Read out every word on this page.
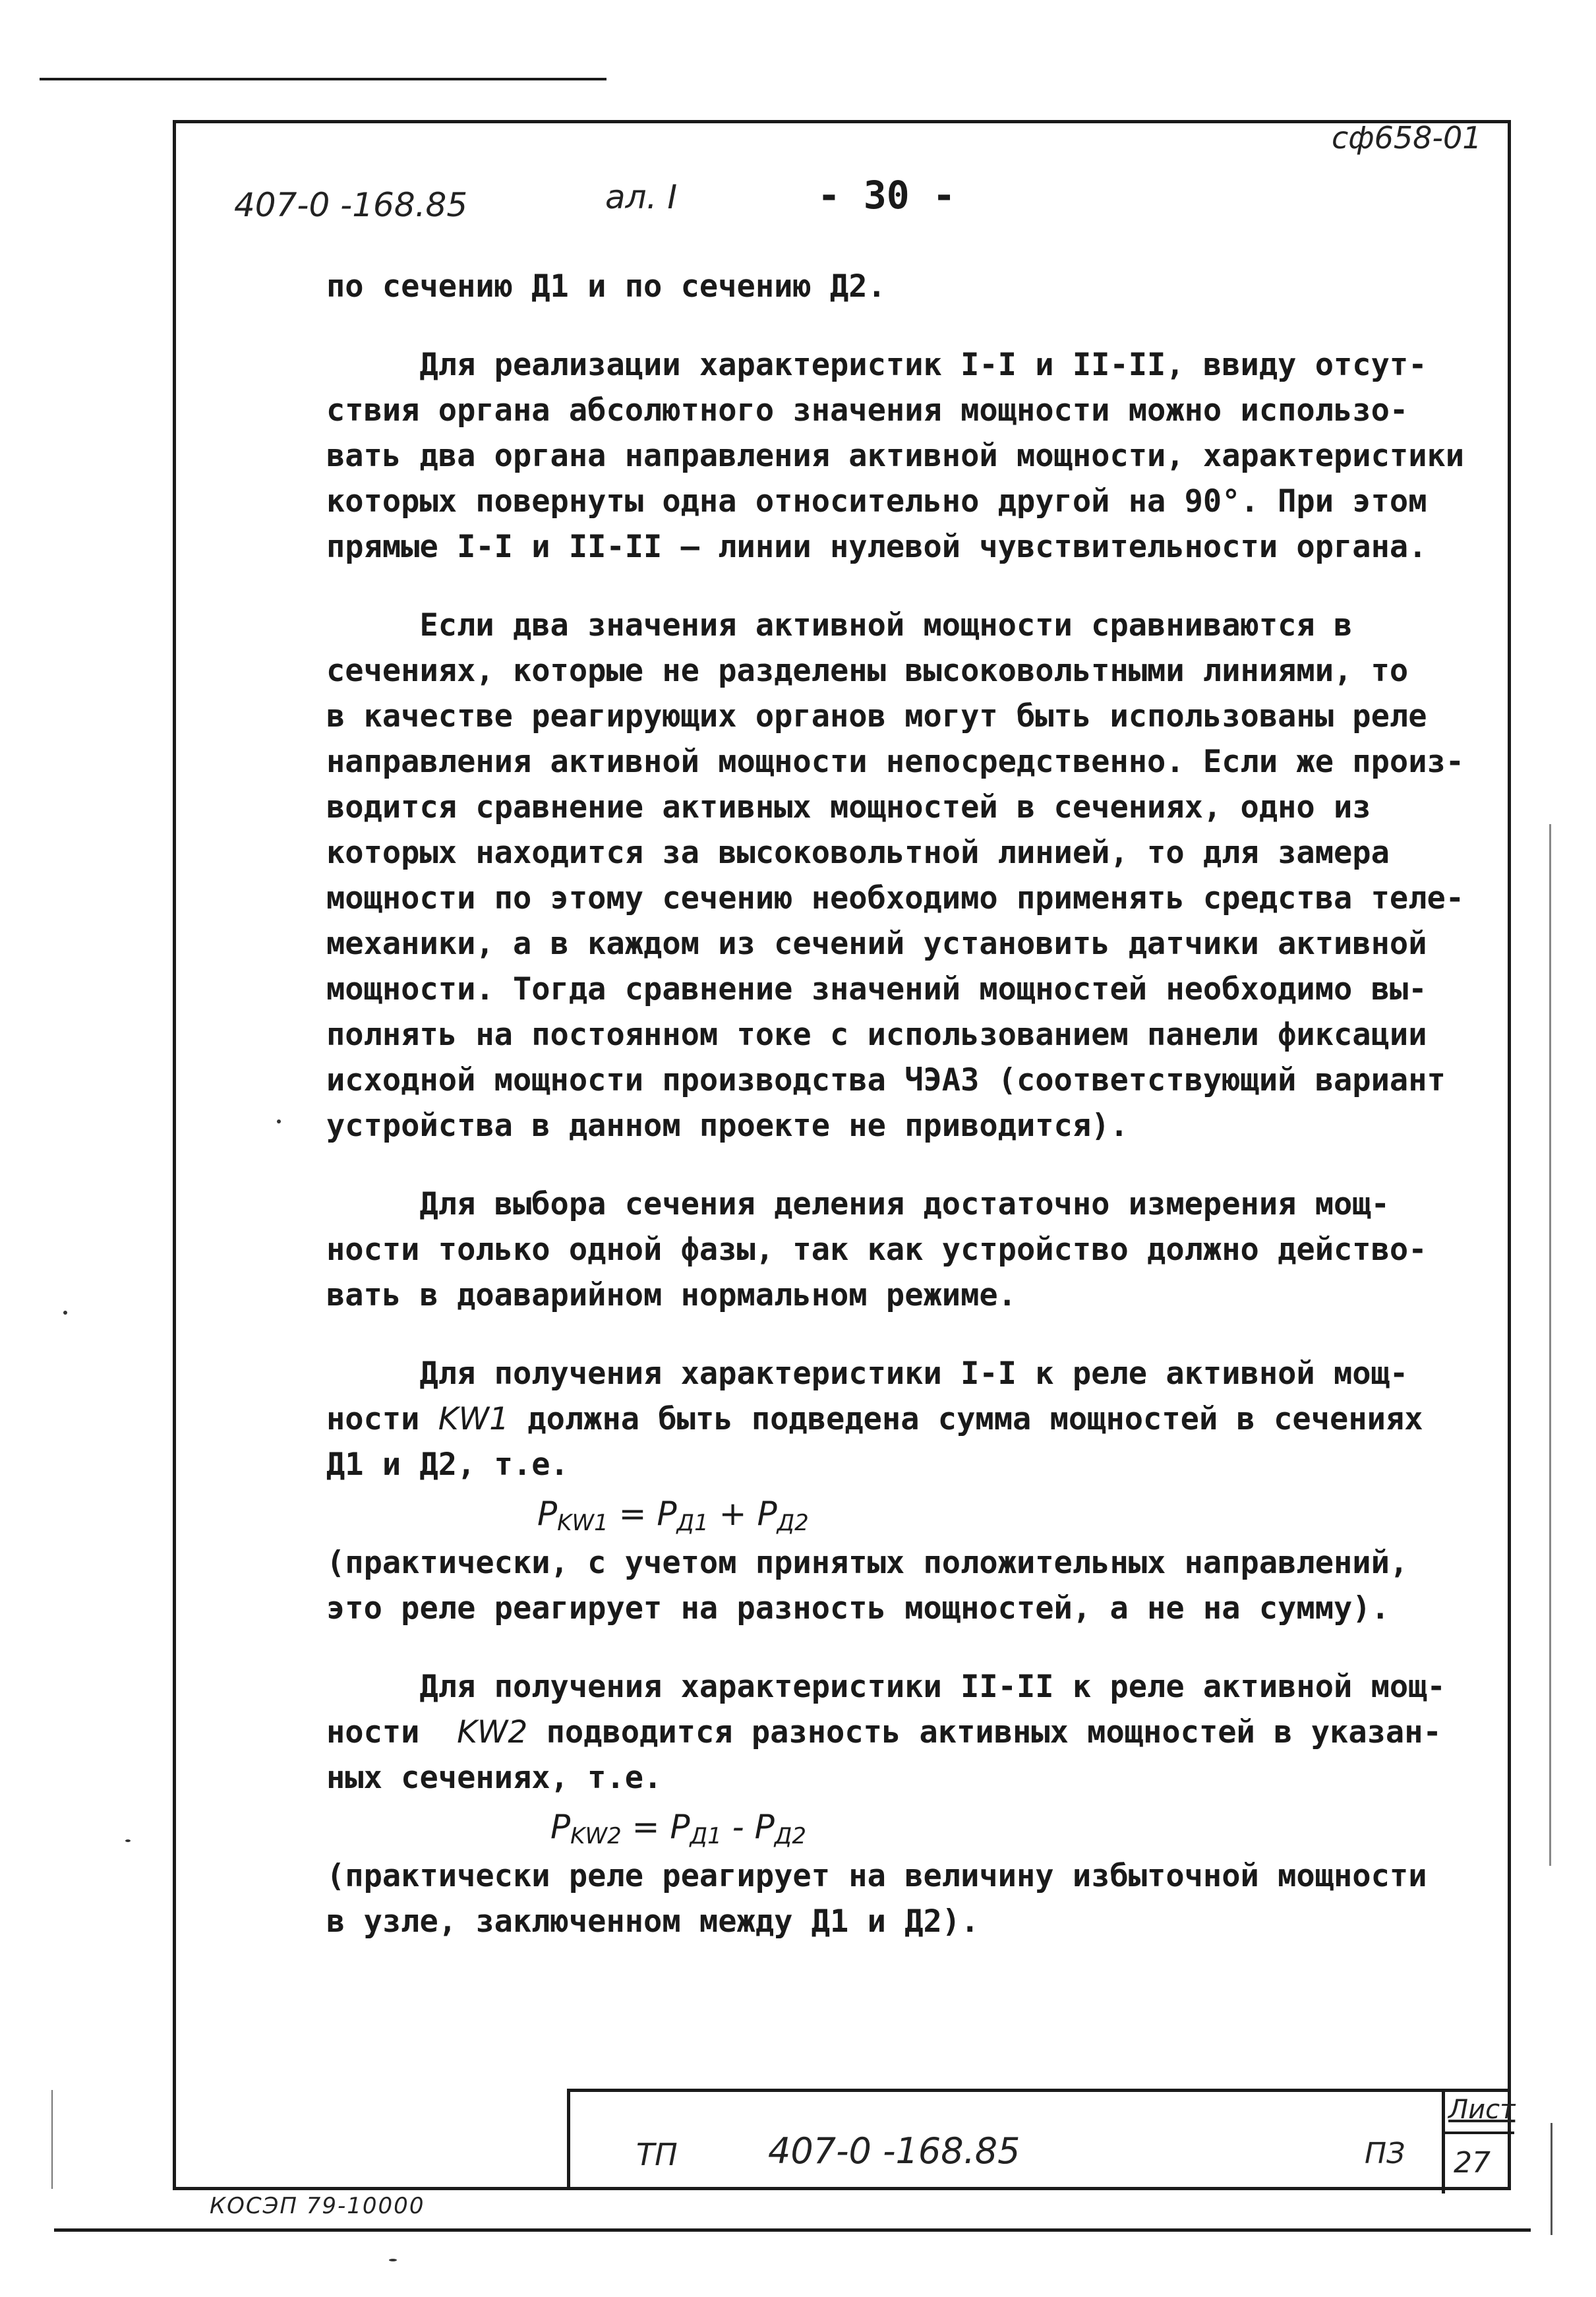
сф658-01
407-0 -168.85	ал. I	- 30 -
по сечению Д1 и по сечению Д2.
Для реализации характеристик I-I и II-II, ввиду отсут-
ствия органа абсолютного значения мощности можно использо-
вать два органа направления активной мощности, характеристики
которых повернуты одна относительно другой на 90°. При этом
прямые I-I и II-II – линии нулевой чувствительности органа.
Если два значения активной мощности сравниваются в
сечениях, которые не разделены высоковольтными линиями, то
в качестве реагирующих органов могут быть использованы реле
направления активной мощности непосредственно. Если же произ-
водится сравнение активных мощностей в сечениях, одно из
которых находится за высоковольтной линией, то для замера
мощности по этому сечению необходимо применять средства теле-
механики, а в каждом из сечений установить датчики активной
мощности. Тогда сравнение значений мощностей необходимо вы-
полнять на постоянном токе с использованием панели фиксации
исходной мощности производства ЧЭАЗ (соответствующий вариант
устройства в данном проекте не приводится).
Для выбора сечения деления достаточно измерения мощ-
ности только одной фазы, так как устройство должно действо-
вать в доаварийном нормальном режиме.
Для получения характеристики I-I к реле активной мощ-
ности KW1 должна быть подведена сумма мощностей в сечениях
Д1 и Д2, т.е.
$P_{KW1} = P_{Д1} + P_{Д2}$
(практически, с учетом принятых положительных направлений,
это реле реагирует на разность мощностей, а не на сумму).
Для получения характеристики II-II к реле активной мощ-
ности  KW2 подводится разность активных мощностей в указан-
ных сечениях, т.е.
$P_{KW2} = P_{Д1} - P_{Д2}$
(практически реле реагирует на величину избыточной мощности
в узле, заключенном между Д1 и Д2).
ТП	407-0 -168.85	ПЗ
Лист
27
КОСЭП 79-10000
